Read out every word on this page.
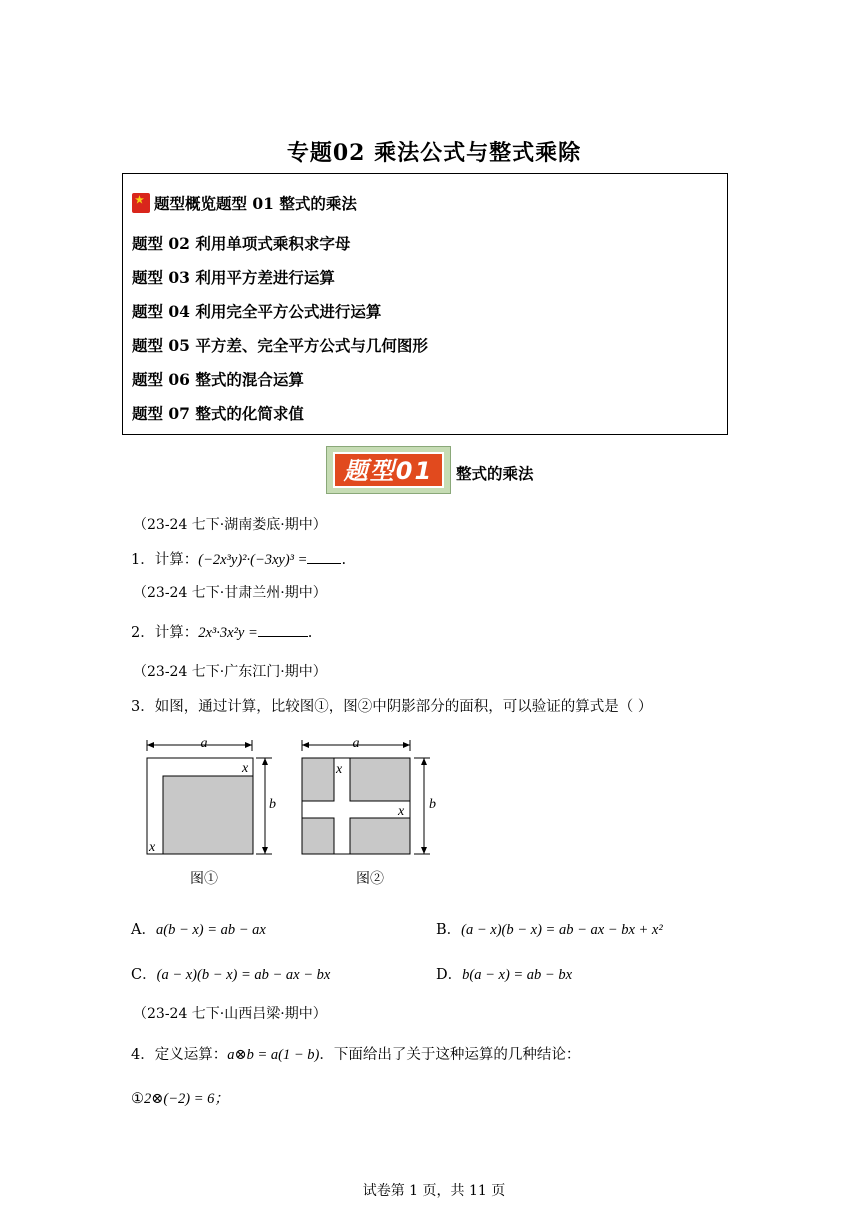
专题02 乘法公式与整式乘除
★题型概览题型 01 整式的乘法
题型 02 利用单项式乘积求字母
题型 03 利用平方差进行运算
题型 04 利用完全平方公式进行运算
题型 05 平方差、完全平方公式与几何图形
题型 06 整式的混合运算
题型 07 整式的化简求值
题型01	整式的乘法
（23-24 七下·湖南娄底·期中）
1．计算：(−2x³y)²·(−3xy)³ = .
（23-24 七下·甘肃兰州·期中）
2．计算：2x³·3x²y =	.
（23-24 七下·广东江门·期中）
3．如图，通过计算，比较图①，图②中阴影部分的面积，可以验证的算式是（ ）
a
x
x
b
a
x
x b
图①	图②
A．a(b − x) = ab − ax	B．(a − x)(b − x) = ab − ax − bx + x²
C．(a − x)(b − x) = ab − ax − bx	D．b(a − x) = ab − bx
（23-24 七下·山西吕梁·期中）
4．定义运算：a⊗b = a(1 − b)．下面给出了关于这种运算的几种结论：
①2⊗(−2) = 6；
试卷第 1 页，共 11 页
